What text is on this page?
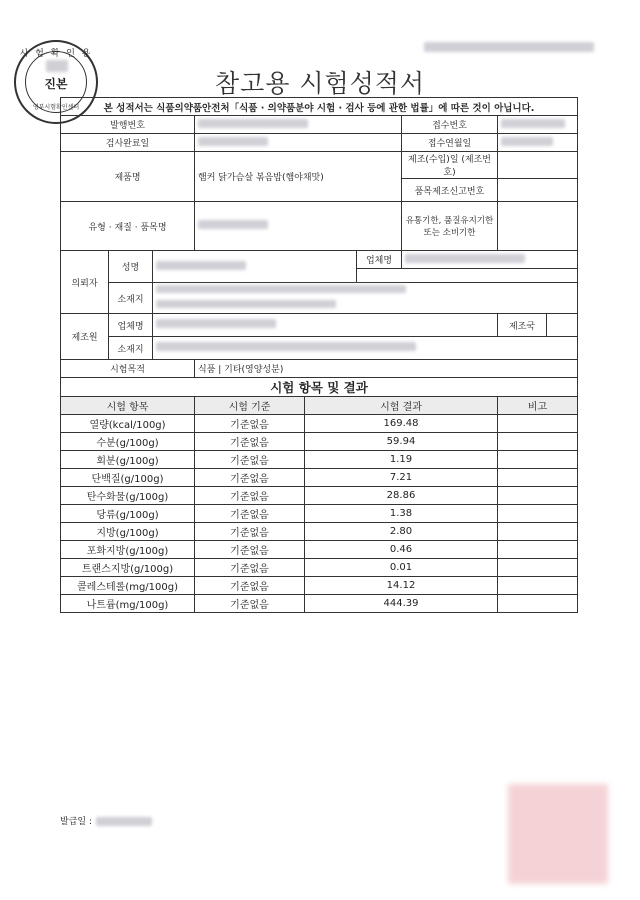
시 험 확 인 용
진본
영부시험확인센터
참고용 시험성적서
본 성적서는 식품의약품안전처「식품 · 의약품분야 시험 · 검사 등에 관한 법률」에 따른 것이 아닙니다.								
발행번호						접수번호		
검사완료일						접수연월일		
제품명			햄커 닭가슴살 볶음밥(햄야채맛)			제조(수입)일 (제조번호)		
						품목제조신고번호		
유형 · 재질 · 품목명						유통기한, 품질유지기한 또는 소비기한		
의뢰자	성명				업체명			

	소재지							

제조원	업체명						제조국	
	소재지							
시험목적			식품 | 기타(영양성분)					
시험 항목 및 결과								
시험 항목			시험 기준	시험 결과			비고	
열량(kcal/100g)			기준없음	169.48				
수분(g/100g)			기준없음	59.94				
회분(g/100g)			기준없음	1.19				
단백질(g/100g)			기준없음	7.21				
탄수화물(g/100g)			기준없음	28.86				
당류(g/100g)			기준없음	1.38				
지방(g/100g)			기준없음	2.80				
포화지방(g/100g)			기준없음	0.46				
트랜스지방(g/100g)			기준없음	0.01				
콜레스테롤(mg/100g)			기준없음	14.12				
나트륨(mg/100g)			기준없음	444.39				
발급일 :
